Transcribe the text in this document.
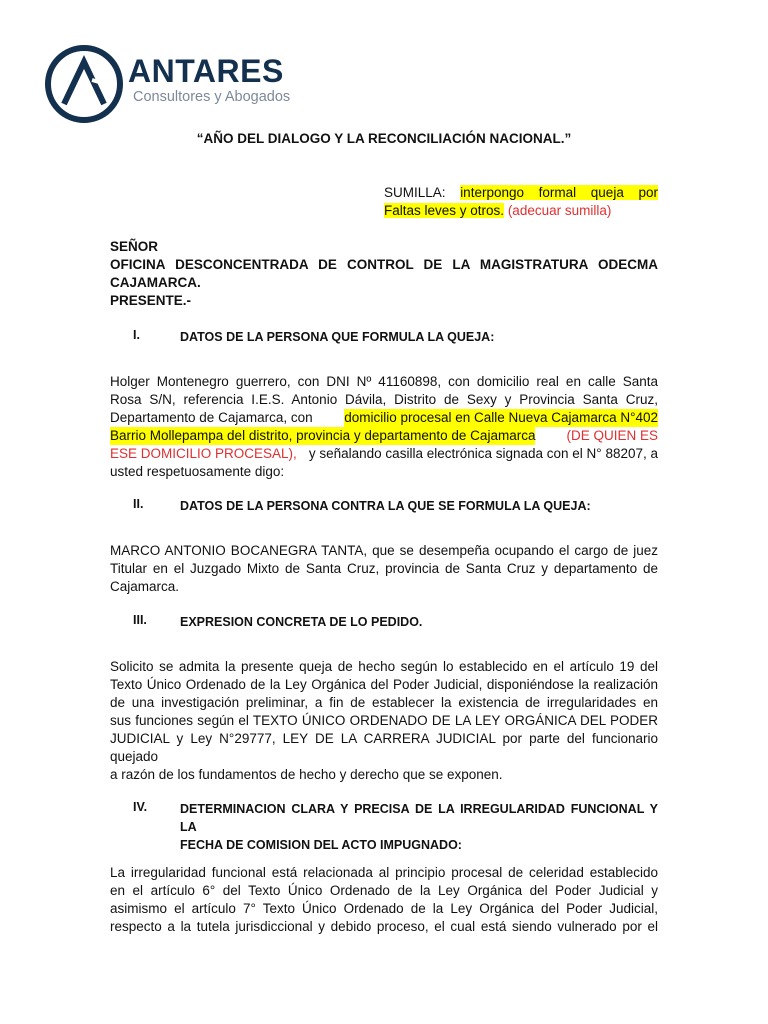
ANTARES
Consultores y Abogados
“AÑO DEL DIALOGO Y LA RECONCILIACIÓN NACIONAL.”
SUMILLA: interpongo formal queja por
Faltas leves y otros. (adecuar sumilla)
SEÑOR
OFICINA DESCONCENTRADA DE CONTROL DE LA MAGISTRATURA ODECMA
CAJAMARCA.
PRESENTE.-
I.	DATOS DE LA PERSONA QUE FORMULA LA QUEJA:
Holger Montenegro guerrero, con DNI Nº 41160898, con domicilio real en calle Santa
Rosa S/N, referencia I.E.S. Antonio Dávila, Distrito de Sexy y Provincia Santa Cruz,
Departamento de Cajamarca, con domicilio procesal en Calle Nueva Cajamarca N°402
Barrio Mollepampa del distrito, provincia y departamento de Cajamarca (DE QUIEN ES
ESE DOMICILIO PROCESAL), y señalando casilla electrónica signada con el N° 88207, a
usted respetuosamente digo:
II.	DATOS DE LA PERSONA CONTRA LA QUE SE FORMULA LA QUEJA:
MARCO ANTONIO BOCANEGRA TANTA, que se desempeña ocupando el cargo de juez
Titular en el Juzgado Mixto de Santa Cruz, provincia de Santa Cruz y departamento de
Cajamarca.
III.	EXPRESION CONCRETA DE LO PEDIDO.
Solicito se admita la presente queja de hecho según lo establecido en el artículo 19 del
Texto Único Ordenado de la Ley Orgánica del Poder Judicial, disponiéndose la realización
de una investigación preliminar, a fin de establecer la existencia de irregularidades en
sus funciones según el TEXTO ÚNICO ORDENADO DE LA LEY ORGÁNICA DEL PODER
JUDICIAL y Ley N°29777, LEY DE LA CARRERA JUDICIAL por parte del funcionario quejado
a razón de los fundamentos de hecho y derecho que se exponen.
IV.	DETERMINACION CLARA Y PRECISA DE LA IRREGULARIDAD FUNCIONAL Y LA
FECHA DE COMISION DEL ACTO IMPUGNADO:
La irregularidad funcional está relacionada al principio procesal de celeridad establecido
en el artículo 6° del Texto Único Ordenado de la Ley Orgánica del Poder Judicial y
asimismo el artículo 7° Texto Único Ordenado de la Ley Orgánica del Poder Judicial,
respecto a la tutela jurisdiccional y debido proceso, el cual está siendo vulnerado por el
